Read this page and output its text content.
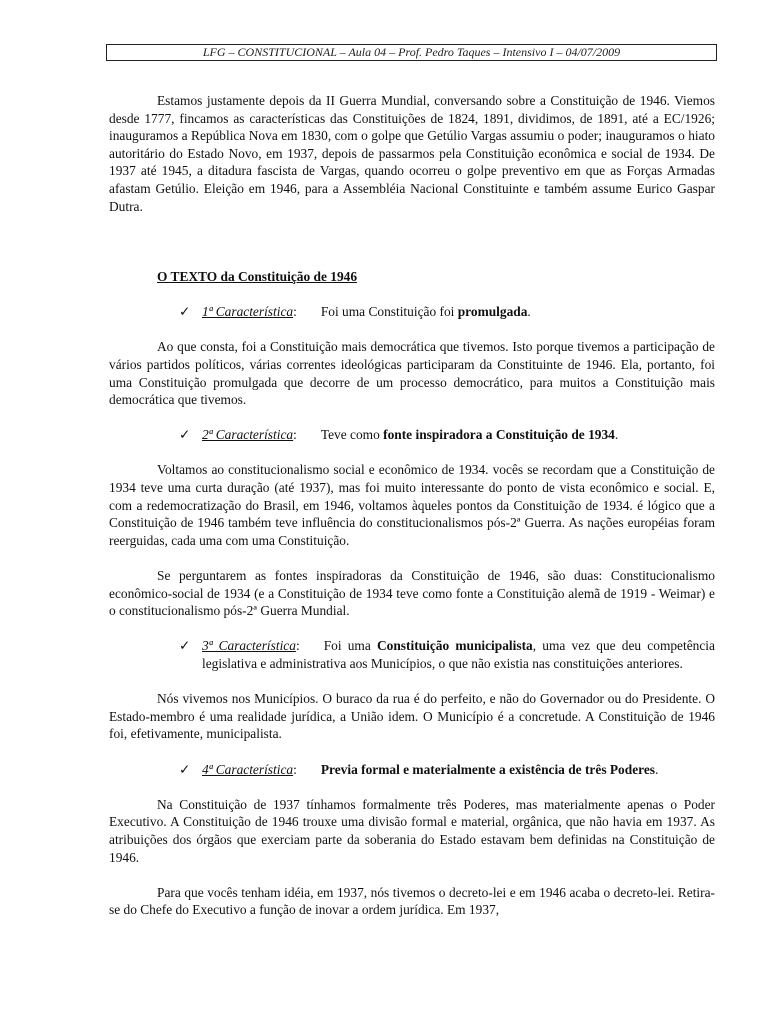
LFG – CONSTITUCIONAL – Aula 04 – Prof. Pedro Taques – Intensivo I – 04/07/2009

Estamos justamente depois da II Guerra Mundial, conversando sobre a Constituição de 1946. Viemos desde 1777, fincamos as características das Constituições de 1824, 1891, dividimos, de 1891, até a EC/1926; inauguramos a República Nova em 1830, com o golpe que Getúlio Vargas assumiu o poder; inauguramos o hiato autoritário do Estado Novo, em 1937, depois de passarmos pela Constituição econômica e social de 1934. De 1937 até 1945, a ditadura fascista de Vargas, quando ocorreu o golpe preventivo em que as Forças Armadas afastam Getúlio. Eleição em 1946, para a Assembléia Nacional Constituinte e também assume Eurico Gaspar Dutra.

O TEXTO da Constituição de 1946
✓ 1ª Característica: Foi uma Constituição foi promulgada.

Ao que consta, foi a Constituição mais democrática que tivemos. Isto porque tivemos a participação de vários partidos políticos, várias correntes ideológicas participaram da Constituinte de 1946. Ela, portanto, foi uma Constituição promulgada que decorre de um processo democrático, para muitos a Constituição mais democrática que tivemos.

✓ 2ª Característica: Teve como fonte inspiradora a Constituição de 1934.

Voltamos ao constitucionalismo social e econômico de 1934. vocês se recordam que a Constituição de 1934 teve uma curta duração (até 1937), mas foi muito interessante do ponto de vista econômico e social. E, com a redemocratização do Brasil, em 1946, voltamos àqueles pontos da Constituição de 1934. é lógico que a Constituição de 1946 também teve influência do constitucionalismos pós-2ª Guerra. As nações européias foram reerguidas, cada uma com uma Constituição.

Se perguntarem as fontes inspiradoras da Constituição de 1946, são duas: Constitucionalismo econômico-social de 1934 (e a Constituição de 1934 teve como fonte a Constituição alemã de 1919 - Weimar) e o constitucionalismo pós-2ª Guerra Mundial.

✓ 3ª Característica: Foi uma Constituição municipalista, uma vez que deu competência legislativa e administrativa aos Municípios, o que não existia nas constituições anteriores.

Nós vivemos nos Municípios. O buraco da rua é do perfeito, e não do Governador ou do Presidente. O Estado-membro é uma realidade jurídica, a União idem. O Município é a concretude. A Constituição de 1946 foi, efetivamente, municipalista.

✓ 4ª Característica: Previa formal e materialmente a existência de três Poderes.

Na Constituição de 1937 tínhamos formalmente três Poderes, mas materialmente apenas o Poder Executivo. A Constituição de 1946 trouxe uma divisão formal e material, orgânica, que não havia em 1937. As atribuições dos órgãos que exerciam parte da soberania do Estado estavam bem definidas na Constituição de 1946.

Para que vocês tenham idéia, em 1937, nós tivemos o decreto-lei e em 1946 acaba o decreto-lei. Retira-se do Chefe do Executivo a função de inovar a ordem jurídica. Em 1937,
